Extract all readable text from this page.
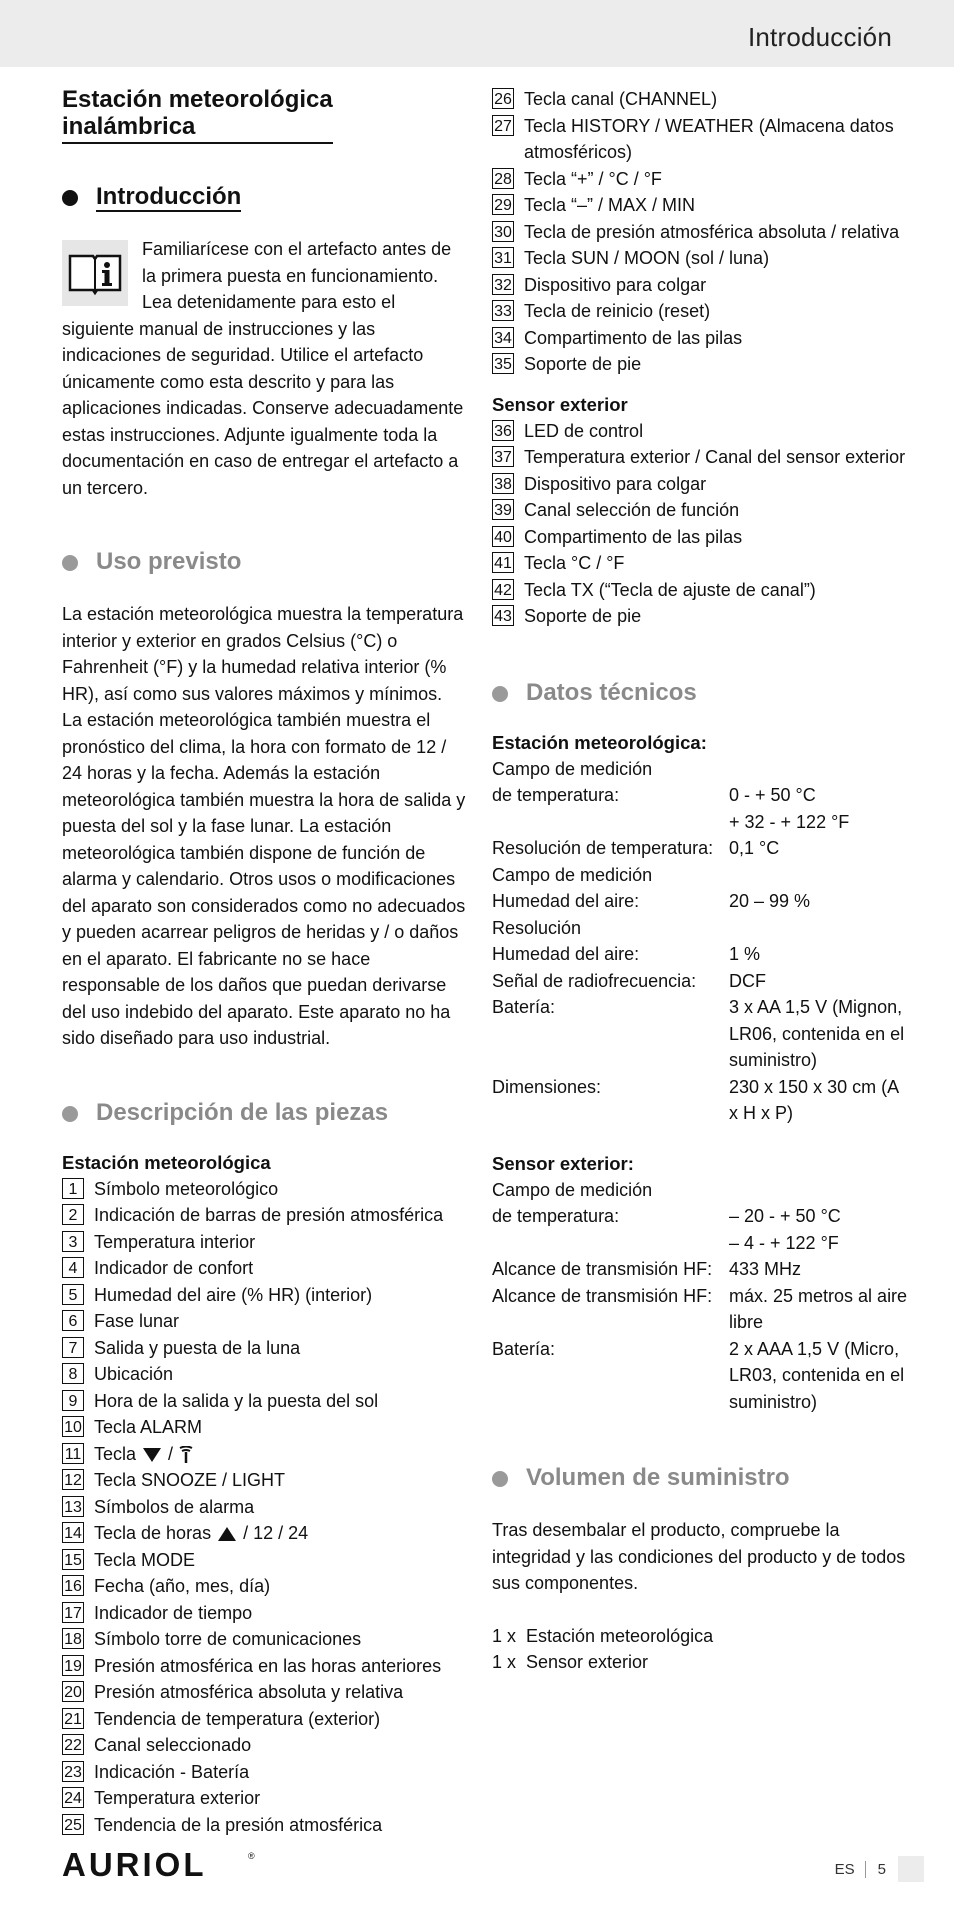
Introducción
Estación meteorológica
inalámbrica
Introducción

Familiarícese con el artefacto antes de la primera puesta en funcionamiento. Lea detenidamente para esto el siguiente manual de instrucciones y las indicaciones de seguridad. Utilice el artefacto únicamente como esta descrito y para las aplicaciones indicadas. Conserve adecuadamente estas instrucciones. Adjunte igualmente toda la documentación en caso de entregar el artefacto a un tercero.

Uso previsto

La estación meteorológica muestra la temperatura interior y exterior en grados Celsius (°C) o Fahrenheit (°F) y la humedad relativa interior (% HR), así como sus valores máximos y mínimos. La estación meteorológica también muestra el pronóstico del clima, la hora con formato de 12 / 24 horas y la fecha. Además la estación meteorológica también muestra la hora de salida y puesta del sol y la fase lunar. La estación meteorológica también dispone de función de alarma y calendario. Otros usos o modificaciones del aparato son considerados como no adecuados y pueden acarrear peligros de heridas y / o daños en el aparato. El fabricante no se hace responsable de los daños que puedan derivarse del uso indebido del aparato. Este aparato no ha sido diseñado para uso industrial.

Descripción de las piezas

Estación meteorológica

1 Símbolo meteorológico
2 Indicación de barras de presión atmosférica
3 Temperatura interior
4 Indicador de confort
5 Humedad del aire (% HR) (interior)
6 Fase lunar
7 Salida y puesta de la luna
8 Ubicación
9 Hora de la salida y la puesta del sol
10 Tecla ALARM
11 Tecla  /
12 Tecla SNOOZE / LIGHT
13 Símbolos de alarma
14 Tecla de horas  / 12 / 24
15 Tecla MODE
16 Fecha (año, mes, día)
17 Indicador de tiempo
18 Símbolo torre de comunicaciones
19 Presión atmosférica en las horas anteriores
20 Presión atmosférica absoluta y relativa
21 Tendencia de temperatura (exterior)
22 Canal seleccionado
23 Indicación - Batería
24 Temperatura exterior
25 Tendencia de la presión atmosférica
26 Tecla canal (CHANNEL)
27 Tecla HISTORY / WEATHER (Almacena datos atmosféricos)
28 Tecla “+” / °C / °F
29 Tecla “–” / MAX / MIN
30 Tecla de presión atmosférica absoluta / relativa
31 Tecla SUN / MOON (sol / luna)
32 Dispositivo para colgar
33 Tecla de reinicio (reset)
34 Compartimento de las pilas
35 Soporte de pie

Sensor exterior

36 LED de control
37 Temperatura exterior / Canal del sensor exterior
38 Dispositivo para colgar
39 Canal selección de función
40 Compartimento de las pilas
41 Tecla °C / °F
42 Tecla TX (“Tecla de ajuste de canal”)
43 Soporte de pie
Datos técnicos

Estación meteorológica:

Campo de medición	
de temperatura:	0 - + 50 °C
	+ 32 - + 122 °F
Resolución de temperatura:	0,1 °C
Campo de medición	
Humedad del aire:	20 – 99 %
Resolución	
Humedad del aire:	1 %
Señal de radiofrecuencia:	DCF
Batería:	3 x AA 1,5 V (Mignon, LR06, contenida en el suministro)
Dimensiones:	230 x 150 x 30 cm (A x H x P)

Sensor exterior:

Campo de medición	
de temperatura:	– 20 - + 50 °C
	– 4 - + 122 °F
Alcance de transmisión HF:	433 MHz
Alcance de transmisión HF:	máx. 25 metros al aire libre
Batería:	2 x AAA 1,5 V (Micro, LR03, contenida en el suministro)
Volumen de suministro

Tras desembalar el producto, compruebe la integridad y las condiciones del producto y de todos sus componentes.

1 x Estación meteorológica
1 x Sensor exterior
AURIOL	®
ES	5
